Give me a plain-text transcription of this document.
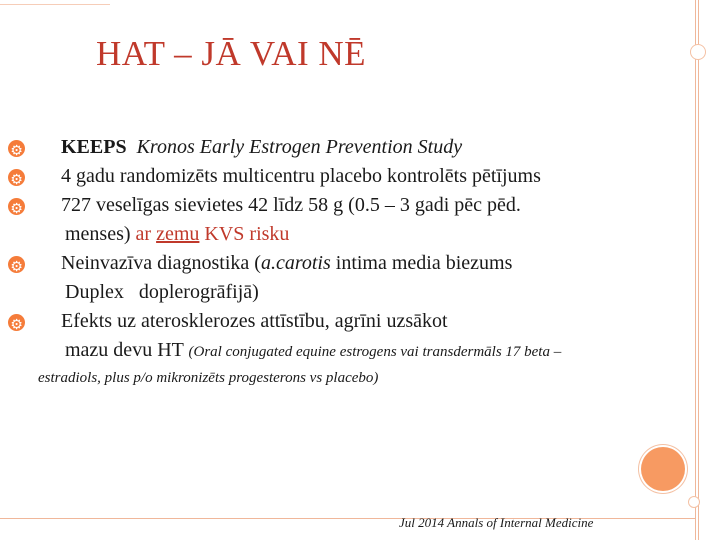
HAT – JĀ VAI NĒ
⚙
KEEPS Kronos Early Estrogen Prevention Study
⚙
4 gadu randomizēts multicentru placebo kontrolēts pētījums
⚙
727 veselīgas sievietes 42 līdz 58 g (0.5 – 3 gadi pēc pēd.
menses) ar zemu KVS risku
⚙
Neinvazīva diagnostika (a.carotis intima media biezums
Duplex   doplerogrāfijā)
⚙
Efekts uz aterosklerozes attīstību, agrīni uzsākot
mazu devu HT (Oral conjugated equine estrogens vai transdermāls 17 beta –
estradiols, plus p/o mikronizēts progesterons vs placebo)
Jul 2014 Annals of Internal Medicine
